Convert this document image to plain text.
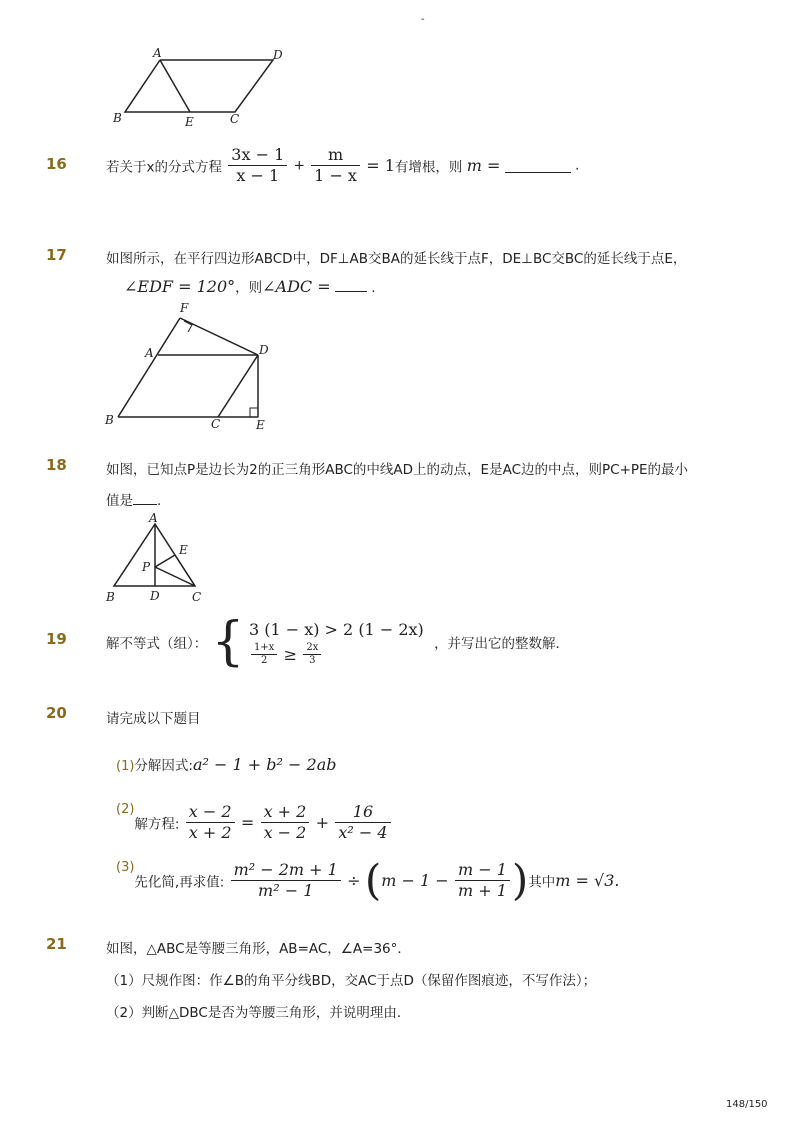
-
A	D
B	E	C
16	若关于x的分式方程 $\frac{3x - 1}{x - 1} + \frac{m}{1 - x} = 1$有增根，则 m =	.
17	如图所示，在平行四边形ABCD中，DF⊥AB交BA的延长线于点F，DE⊥BC交BC的延长线于点E，
∠EDF = 120°，则∠ADC =	.
F
A	D
B	C	E
18	如图，已知点P是边长为2的正三角形ABC的中线AD上的动点，E是AC边的中点，则PC+PE的最小
值是 .
A
E
P
B	D	C
19	解不等式（组）： { 3 (1 − x) > 2 (1 − 2x)
$\frac{1+x}{2} \ge \frac{2x}{3}$	，并写出它的整数解．
20	请完成以下题目
(1)分解因式:a² − 1 + b² − 2ab
(2)解方程: $\frac{x - 2}{x + 2} = \frac{x + 2}{x - 2} + \frac{16}{\text{x² − 4}}$
(3)先化简,再求值: $\frac{\text{m² − 2m + 1}}{\text{m² − 1}} \div (m - 1 - \frac{m - 1}{m + 1}$ )其中m = √3.
21	如图，△ABC是等腰三角形，AB=AC，∠A=36°．
（1）尺规作图：作∠B的角平分线BD，交AC于点D（保留作图痕迹，不写作法）；
（2）判断△DBC是否为等腰三角形，并说明理由．
148/150
